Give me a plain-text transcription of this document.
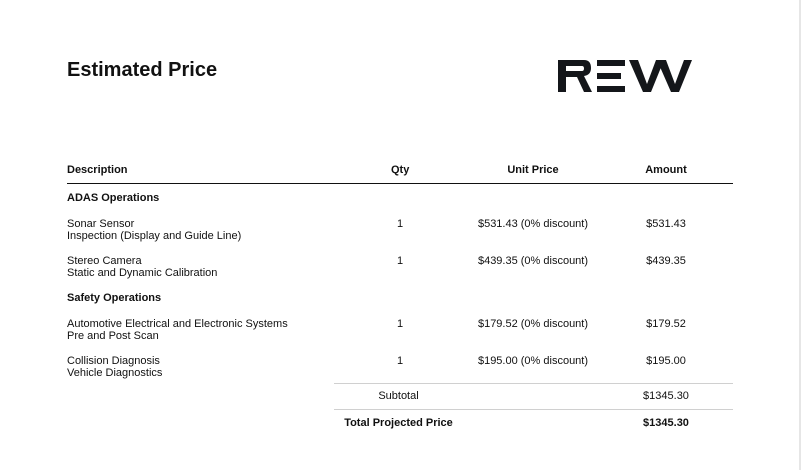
Estimated Price
Description	Qty	Unit Price	Amount
ADAS Operations
Sonar Sensor
Inspection (Display and Guide Line)
1	$531.43 (0% discount)	$531.43
Stereo Camera
Static and Dynamic Calibration
1	$439.35 (0% discount)	$439.35
Safety Operations
Automotive Electrical and Electronic Systems
Pre and Post Scan
1	$179.52 (0% discount)	$179.52
Collision Diagnosis
Vehicle Diagnostics
1	$195.00 (0% discount)	$195.00
Subtotal	$1345.30
Total Projected Price	$1345.30
